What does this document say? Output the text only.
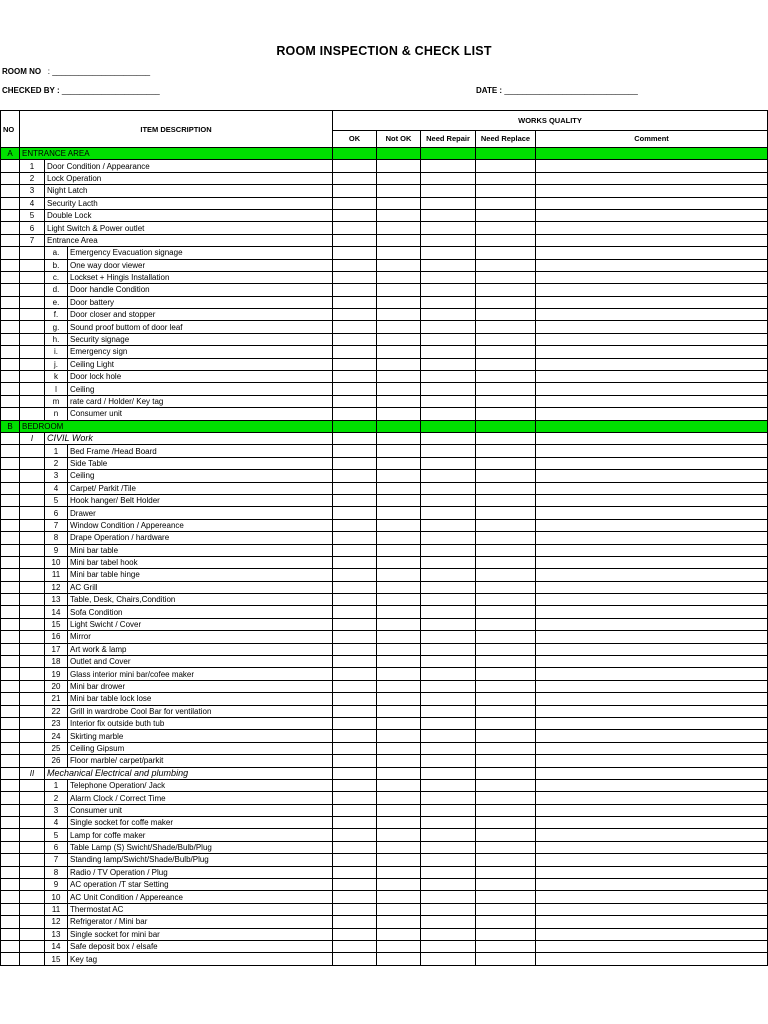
ROOM INSPECTION & CHECK LIST
ROOM NO : ______________________
CHECKED BY : ______________________	DATE : ______________________________
NO	ITEM DESCRIPTION			WORKS QUALITY				
				OK	Not OK	Need Repair	Need Replace	Comment
A	ENTRANCE AREA							
	1	Door Condition / Appearance						
	2	Lock Operation						
	3	Night Latch						
	4	Security Lacth						
	5	Double Lock						
	6	Light Switch & Power outlet						
	7	Entrance Area						
		a.	Emergency Evacuation signage					
		b.	One way door viewer					
		c.	Lockset + Hingis Installation					
		d.	Door handle Condition					
		e.	Door battery					
		f.	Door closer and stopper					
		g.	Sound proof buttom of door leaf					
		h.	Security signage					
		i.	Emergency sign					
		j.	Ceiling Light					
		k	Door lock hole					
		l	Ceiling					
		m	rate card / Holder/ Key tag					
		n	Consumer unit					
B	BEDROOM							
	I	CIVIL Work						
		1	Bed Frame /Head Board					
		2	Side Table					
		3	Ceiling					
		4	Carpet/ Parkit /Tile					
		5	Hook hanger/ Belt Holder					
		6	Drawer					
		7	Window Condition / Appereance					
		8	Drape Operation / hardware					
		9	Mini bar table					
		10	Mini bar tabel hook					
		11	Mini bar table hinge					
		12	AC Grill					
		13	Table, Desk, Chairs,Condition					
		14	Sofa Condition					
		15	Light Swicht / Cover					
		16	Mirror					
		17	Art work & lamp					
		18	Outlet and Cover					
		19	Glass interior mini bar/cofee maker					
		20	Mini bar drower					
		21	Mini bar table lock lose					
		22	Grill in wardrobe Cool Bar for ventilation					
		23	Interior fix outside buth tub					
		24	Skirting marble					
		25	Ceiling Gipsum					
		26	Floor marble/ carpet/parkit					
	II	Mechanical Electrical and plumbing						
		1	Telephone Operation/ Jack					
		2	Alarm Clock / Correct Time					
		3	Consumer unit					
		4	Single socket for coffe maker					
		5	Lamp for coffe maker					
		6	Table Lamp (S) Swicht/Shade/Bulb/Plug					
		7	Standing lamp/Swicht/Shade/Bulb/Plug					
		8	Radio / TV Operation / Plug					
		9	AC operation /T star Setting					
		10	AC Unit Condition / Appereance					
		11	Thermostat AC					
		12	Refrigerator / Mini bar					
		13	Single socket for mini bar					
		14	Safe deposit box / elsafe					
		15	Key tag					
